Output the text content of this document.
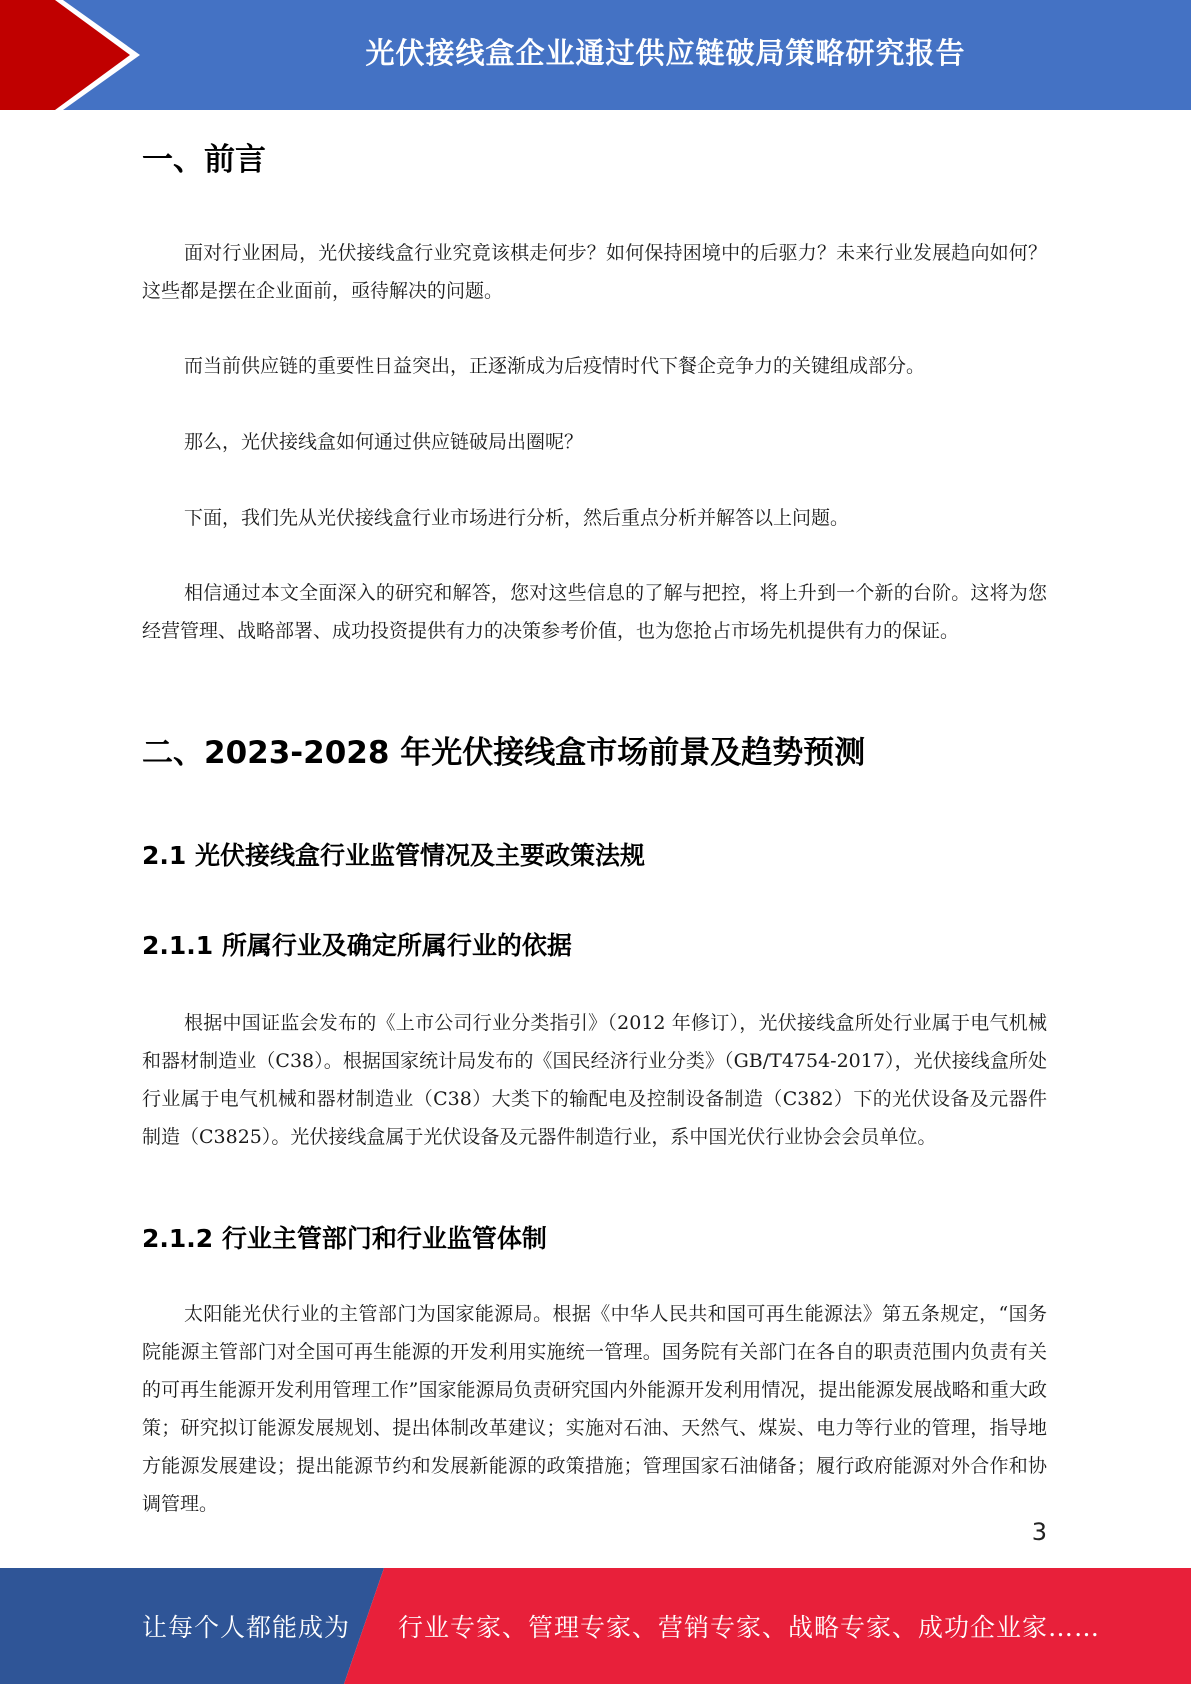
光伏接线盒企业通过供应链破局策略研究报告
一、前言

面对行业困局，光伏接线盒行业究竟该棋走何步？如何保持困境中的后驱力？未来行业发展趋向如何？这些都是摆在企业面前，亟待解决的问题。

而当前供应链的重要性日益突出，正逐渐成为后疫情时代下餐企竞争力的关键组成部分。

那么，光伏接线盒如何通过供应链破局出圈呢？

下面，我们先从光伏接线盒行业市场进行分析，然后重点分析并解答以上问题。

相信通过本文全面深入的研究和解答，您对这些信息的了解与把控，将上升到一个新的台阶。这将为您经营管理、战略部署、成功投资提供有力的决策参考价值，也为您抢占市场先机提供有力的保证。

二、2023-2028 年光伏接线盒市场前景及趋势预测
2.1 光伏接线盒行业监管情况及主要政策法规
2.1.1 所属行业及确定所属行业的依据

根据中国证监会发布的《上市公司行业分类指引》（2012 年修订），光伏接线盒所处行业属于电气机械和器材制造业（C38）。根据国家统计局发布的《国民经济行业分类》（GB/T4754-2017），光伏接线盒所处行业属于电气机械和器材制造业（C38）大类下的输配电及控制设备制造（C382）下的光伏设备及元器件制造（C3825）。光伏接线盒属于光伏设备及元器件制造行业，系中国光伏行业协会会员单位。

2.1.2 行业主管部门和行业监管体制

太阳能光伏行业的主管部门为国家能源局。根据《中华人民共和国可再生能源法》第五条规定，“国务院能源主管部门对全国可再生能源的开发利用实施统一管理。国务院有关部门在各自的职责范围内负责有关的可再生能源开发利用管理工作”国家能源局负责研究国内外能源开发利用情况，提出能源发展战略和重大政策；研究拟订能源发展规划、提出体制改革建议；实施对石油、天然气、煤炭、电力等行业的管理，指导地方能源发展建设；提出能源节约和发展新能源的政策措施；管理国家石油储备；履行政府能源对外合作和协调管理。

3
让每个人都能成为 行业专家、管理专家、营销专家、战略专家、成功企业家……
